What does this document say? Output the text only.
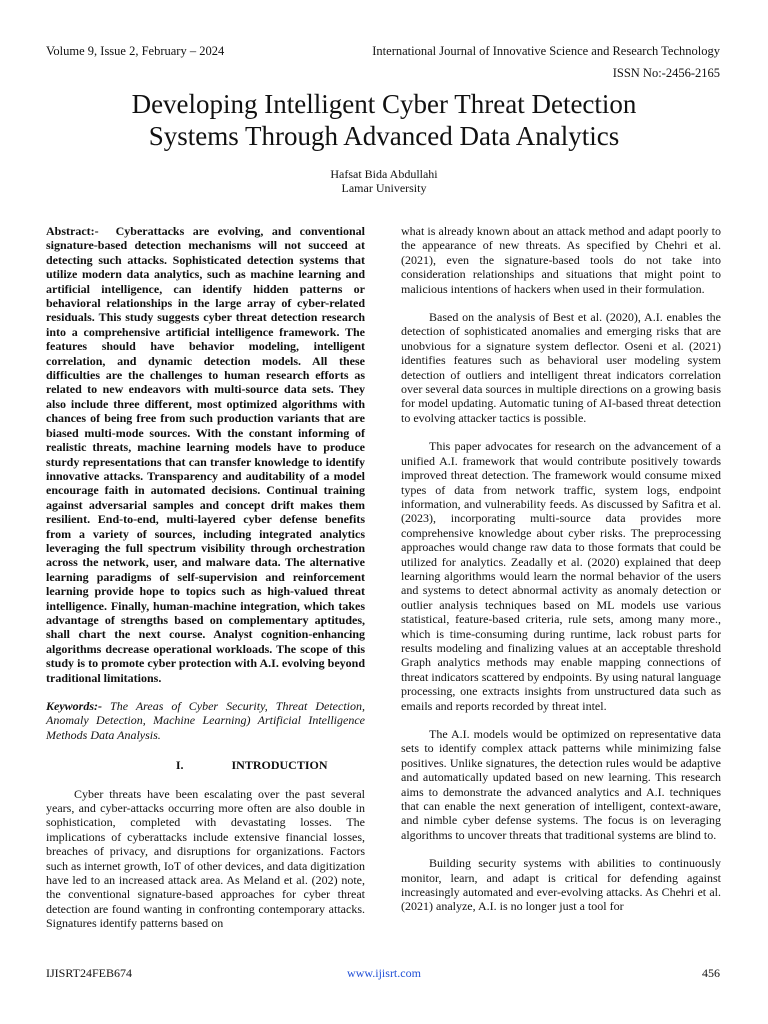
Volume 9, Issue 2, February – 2024	International Journal of Innovative Science and Research Technology
ISSN No:-2456-2165
Developing Intelligent Cyber Threat Detection
Systems Through Advanced Data Analytics
Hafsat Bida Abdullahi
Lamar University

Abstract:- Cyberattacks are evolving, and conventional signature-based detection mechanisms will not succeed at detecting such attacks. Sophisticated detection systems that utilize modern data analytics, such as machine learning and artificial intelligence, can identify hidden patterns or behavioral relationships in the large array of cyber-related residuals. This study suggests cyber threat detection research into a comprehensive artificial intelligence framework. The features should have behavior modeling, intelligent correlation, and dynamic detection models. All these difficulties are the challenges to human research efforts as related to new endeavors with multi-source data sets. They also include three different, most optimized algorithms with chances of being free from such production variants that are biased multi-mode sources. With the constant informing of realistic threats, machine learning models have to produce sturdy representations that can transfer knowledge to identify innovative attacks. Transparency and auditability of a model encourage faith in automated decisions. Continual training against adversarial samples and concept drift makes them resilient. End-to-end, multi-layered cyber defense benefits from a variety of sources, including integrated analytics leveraging the full spectrum visibility through orchestration across the network, user, and malware data. The alternative learning paradigms of self-supervision and reinforcement learning provide hope to topics such as high-valued threat intelligence. Finally, human-machine integration, which takes advantage of strengths based on complementary aptitudes, shall chart the next course. Analyst cognition-enhancing algorithms decrease operational workloads. The scope of this study is to promote cyber protection with A.I. evolving beyond traditional limitations.

Keywords:- The Areas of Cyber Security, Threat Detection, Anomaly Detection, Machine Learning) Artificial Intelligence Methods Data Analysis.

I.	INTRODUCTION

Cyber threats have been escalating over the past several years, and cyber-attacks occurring more often are also double in sophistication, completed with devastating losses. The implications of cyberattacks include extensive financial losses, breaches of privacy, and disruptions for organizations. Factors such as internet growth, IoT of other devices, and data digitization have led to an increased attack area. As Meland et al. (202) note, the conventional signature-based approaches for cyber threat detection are found wanting in confronting contemporary attacks. Signatures identify patterns based on

what is already known about an attack method and adapt poorly to the appearance of new threats. As specified by Chehri et al. (2021), even the signature-based tools do not take into consideration relationships and situations that might point to malicious intentions of hackers when used in their formulation.

Based on the analysis of Best et al. (2020), A.I. enables the detection of sophisticated anomalies and emerging risks that are unobvious for a signature system deflector. Oseni et al. (2021) identifies features such as behavioral user modeling system detection of outliers and intelligent threat indicators correlation over several data sources in multiple directions on a growing basis for model updating. Automatic tuning of AI-based threat detection to evolving attacker tactics is possible.

This paper advocates for research on the advancement of a unified A.I. framework that would contribute positively towards improved threat detection. The framework would consume mixed types of data from network traffic, system logs, endpoint information, and vulnerability feeds. As discussed by Safitra et al. (2023), incorporating multi-source data provides more comprehensive knowledge about cyber risks. The preprocessing approaches would change raw data to those formats that could be utilized for analytics. Zeadally et al. (2020) explained that deep learning algorithms would learn the normal behavior of the users and systems to detect abnormal activity as anomaly detection or outlier analysis techniques based on ML models use various statistical, feature-based criteria, rule sets, among many more., which is time-consuming during runtime, lack robust parts for results modeling and finalizing values at an acceptable threshold Graph analytics methods may enable mapping connections of threat indicators scattered by endpoints. By using natural language processing, one extracts insights from unstructured data such as emails and reports recorded by threat intel.

The A.I. models would be optimized on representative data sets to identify complex attack patterns while minimizing false positives. Unlike signatures, the detection rules would be adaptive and automatically updated based on new learning. This research aims to demonstrate the advanced analytics and A.I. techniques that can enable the next generation of intelligent, context-aware, and nimble cyber defense systems. The focus is on leveraging algorithms to uncover threats that traditional systems are blind to.

Building security systems with abilities to continuously monitor, learn, and adapt is critical for defending against increasingly automated and ever-evolving attacks. As Chehri et al. (2021) analyze, A.I. is no longer just a tool for

IJISRT24FEB674	www.ijisrt.com	456
